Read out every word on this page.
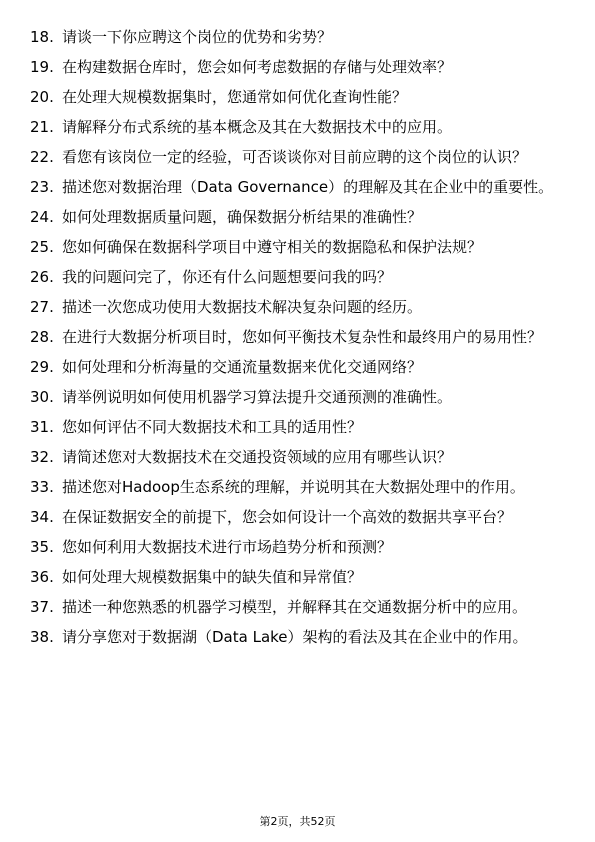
18. 请谈一下你应聘这个岗位的优势和劣势？
19. 在构建数据仓库时，您会如何考虑数据的存储与处理效率？
20. 在处理大规模数据集时，您通常如何优化查询性能？
21. 请解释分布式系统的基本概念及其在大数据技术中的应用。
22. 看您有该岗位一定的经验，可否谈谈你对目前应聘的这个岗位的认识？
23. 描述您对数据治理（Data Governance）的理解及其在企业中的重要性。
24. 如何处理数据质量问题，确保数据分析结果的准确性？
25. 您如何确保在数据科学项目中遵守相关的数据隐私和保护法规？
26. 我的问题问完了，你还有什么问题想要问我的吗？
27. 描述一次您成功使用大数据技术解决复杂问题的经历。
28. 在进行大数据分析项目时，您如何平衡技术复杂性和最终用户的易用性？
29. 如何处理和分析海量的交通流量数据来优化交通网络？
30. 请举例说明如何使用机器学习算法提升交通预测的准确性。
31. 您如何评估不同大数据技术和工具的适用性？
32. 请简述您对大数据技术在交通投资领域的应用有哪些认识？
33. 描述您对Hadoop生态系统的理解，并说明其在大数据处理中的作用。
34. 在保证数据安全的前提下，您会如何设计一个高效的数据共享平台？
35. 您如何利用大数据技术进行市场趋势分析和预测？
36. 如何处理大规模数据集中的缺失值和异常值？
37. 描述一种您熟悉的机器学习模型，并解释其在交通数据分析中的应用。
38. 请分享您对于数据湖（Data Lake）架构的看法及其在企业中的作用。
第2页，共52页
